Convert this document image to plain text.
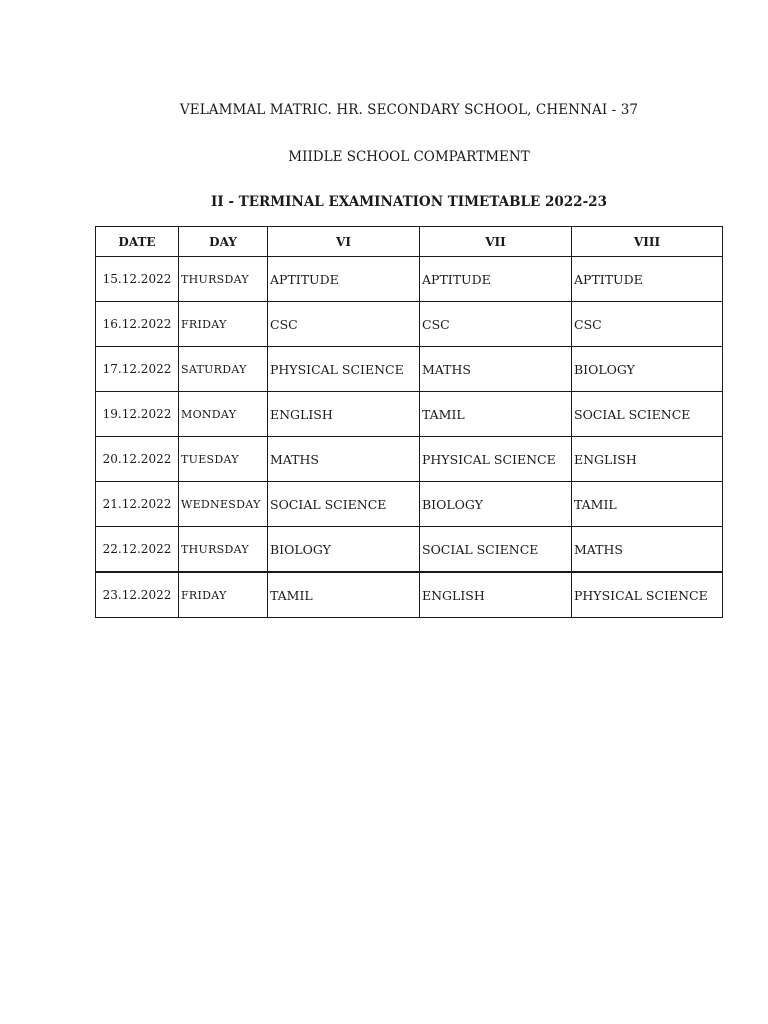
VELAMMAL MATRIC. HR. SECONDARY SCHOOL, CHENNAI - 37
MIIDLE SCHOOL COMPARTMENT
II - TERMINAL EXAMINATION TIMETABLE 2022-23
DATE	DAY	VI	VII	VIII
15.12.2022	THURSDAY	APTITUDE	APTITUDE	APTITUDE
16.12.2022	FRIDAY	CSC	CSC	CSC
17.12.2022	SATURDAY	PHYSICAL SCIENCE	MATHS	BIOLOGY
19.12.2022	MONDAY	ENGLISH	TAMIL	SOCIAL SCIENCE
20.12.2022	TUESDAY	MATHS	PHYSICAL SCIENCE	ENGLISH
21.12.2022	WEDNESDAY	SOCIAL SCIENCE	BIOLOGY	TAMIL
22.12.2022	THURSDAY	BIOLOGY	SOCIAL SCIENCE	MATHS
23.12.2022	FRIDAY	TAMIL	ENGLISH	PHYSICAL SCIENCE
